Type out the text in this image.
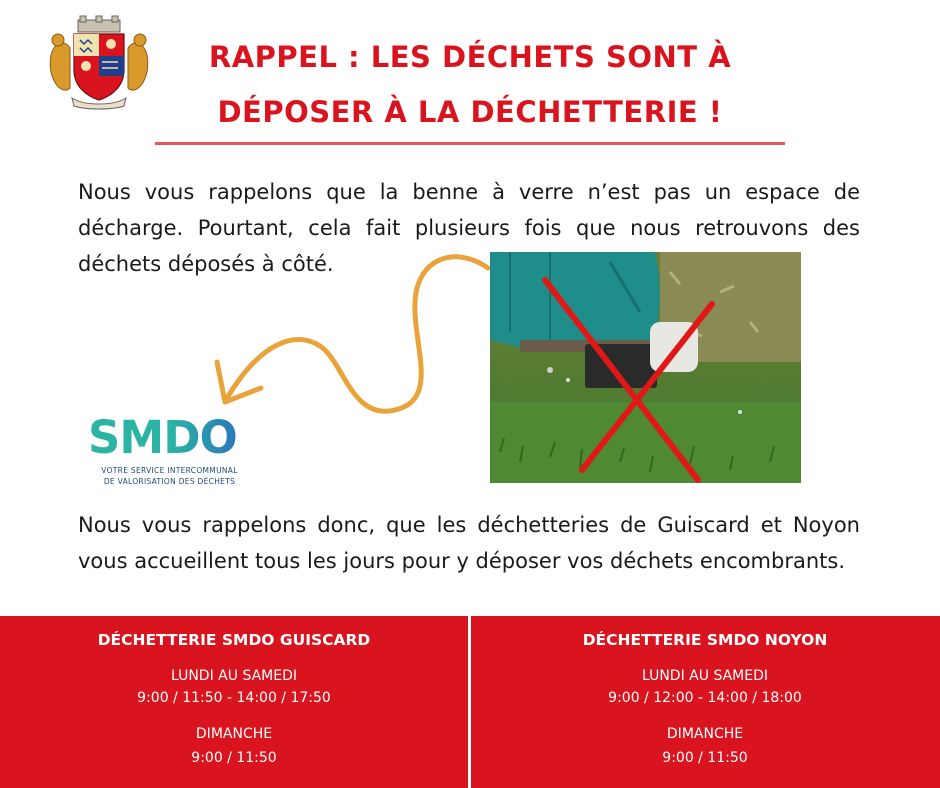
RAPPEL : LES DÉCHETS SONT À
DÉPOSER À LA DÉCHETTERIE !
Nous vous rappelons que la benne à verre n’est pas un espace de décharge. Pourtant, cela fait plusieurs fois que nous retrouvons des déchets déposés à côté.
SMDO
VOTRE SERVICE INTERCOMMUNAL
DE VALORISATION DES DÉCHETS
Nous vous rappelons donc, que les déchetteries de Guiscard et Noyon vous accueillent tous les jours pour y déposer vos déchets encombrants.
DÉCHETTERIE SMDO GUISCARD
LUNDI AU SAMEDI
9:00 / 11:50 - 14:00 / 17:50
DIMANCHE
9:00 / 11:50
DÉCHETTERIE SMDO NOYON
LUNDI AU SAMEDI
9:00 / 12:00 - 14:00 / 18:00
DIMANCHE
9:00 / 11:50
